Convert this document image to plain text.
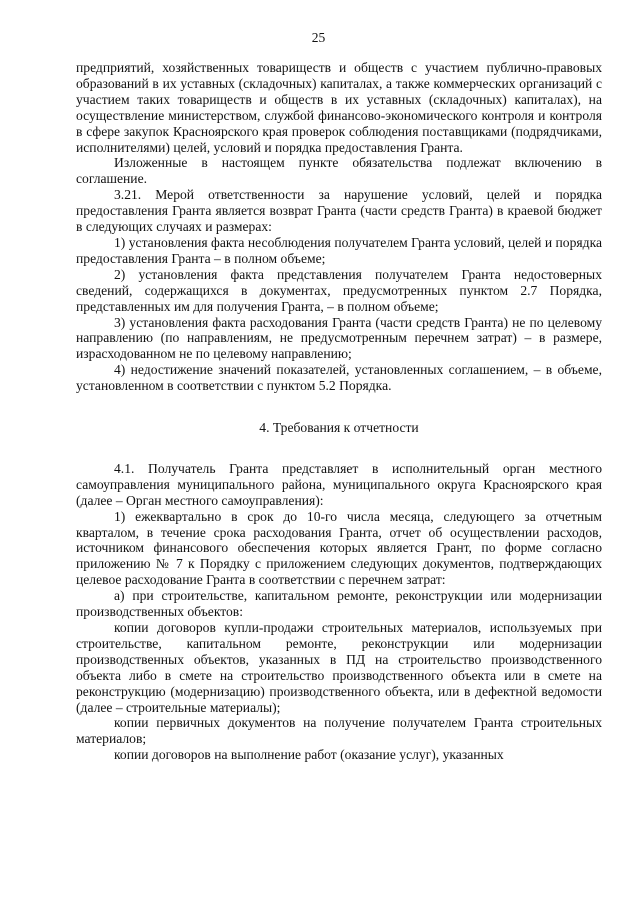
25

предприятий, хозяйственных товариществ и обществ с участием публично-правовых образований в их уставных (складочных) капиталах, а также коммерческих организаций с участием таких товариществ и обществ в их уставных (складочных) капиталах), на осуществление министерством, службой финансово-экономического контроля и контроля в сфере закупок Красноярского края проверок соблюдения поставщиками (подрядчиками, исполнителями) целей, условий и порядка предоставления Гранта.

Изложенные в настоящем пункте обязательства подлежат включению в соглашение.

3.21. Мерой ответственности за нарушение условий, целей и порядка предоставления Гранта является возврат Гранта (части средств Гранта) в краевой бюджет в следующих случаях и размерах:

1) установления факта несоблюдения получателем Гранта условий, целей и порядка предоставления Гранта – в полном объеме;

2) установления факта представления получателем Гранта недостоверных сведений, содержащихся в документах, предусмотренных пунктом 2.7 Порядка, представленных им для получения Гранта, – в полном объеме;

3) установления факта расходования Гранта (части средств Гранта) не по целевому направлению (по направлениям, не предусмотренным перечнем затрат) – в размере, израсходованном не по целевому направлению;

4) недостижение значений показателей, установленных соглашением, – в объеме, установленном в соответствии с пунктом 5.2 Порядка.

4. Требования к отчетности

4.1. Получатель Гранта представляет в исполнительный орган местного самоуправления муниципального района, муниципального округа Красноярского края (далее – Орган местного самоуправления):

1) ежеквартально в срок до 10-го числа месяца, следующего за отчетным кварталом, в течение срока расходования Гранта, отчет об осуществлении расходов, источником финансового обеспечения которых является Грант, по форме согласно приложению № 7 к Порядку с приложением следующих документов, подтверждающих целевое расходование Гранта в соответствии с перечнем затрат:

а) при строительстве, капитальном ремонте, реконструкции или модернизации производственных объектов:

копии договоров купли-продажи строительных материалов, используемых при строительстве, капитальном ремонте, реконструкции или модернизации производственных объектов, указанных в ПД на строительство производственного объекта либо в смете на строительство производственного объекта или в смете на реконструкцию (модернизацию) производственного объекта, или в дефектной ведомости (далее – строительные материалы);

копии первичных документов на получение получателем Гранта строительных материалов;

копии договоров на выполнение работ (оказание услуг), указанных
